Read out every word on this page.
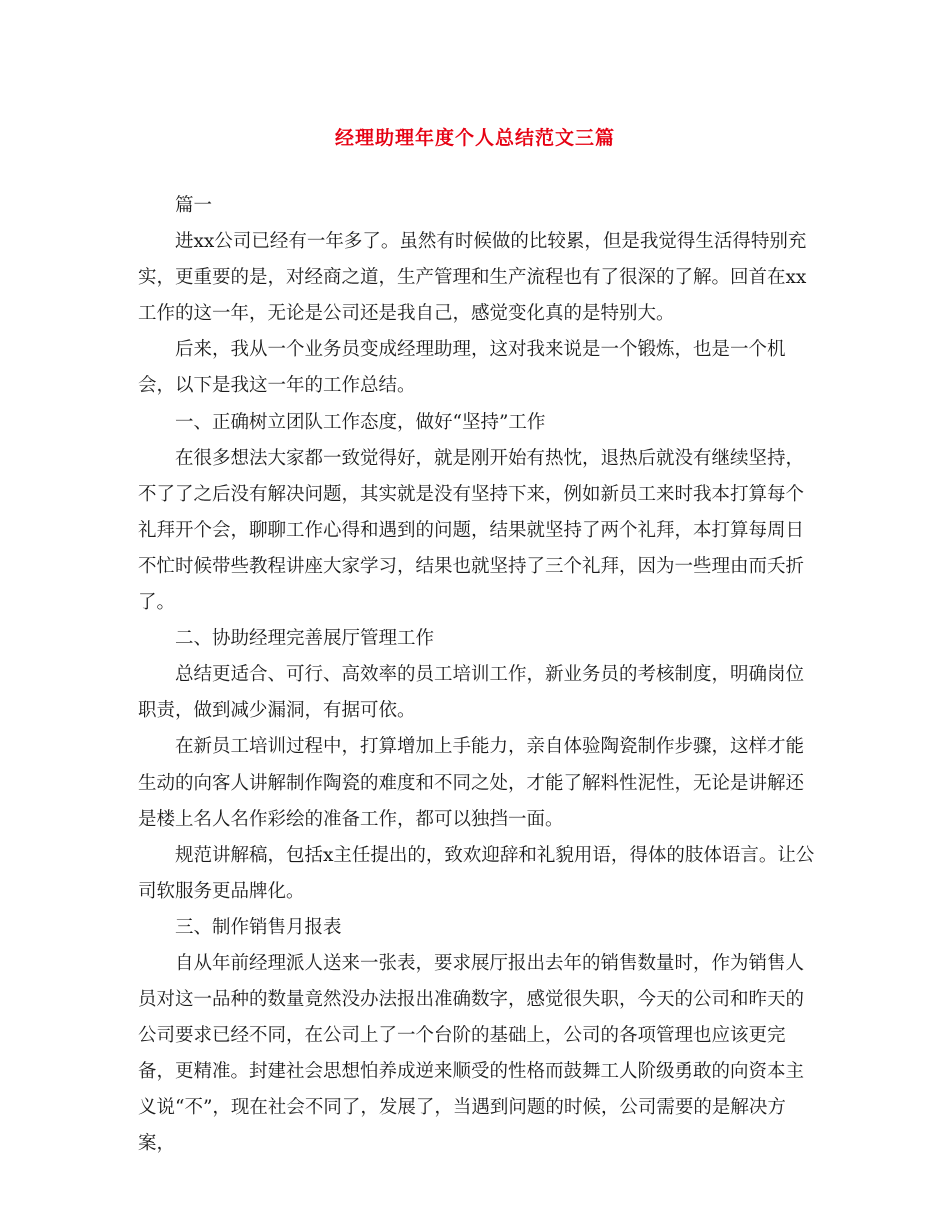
经理助理年度个人总结范文三篇

篇一

进xx公司已经有一年多了。虽然有时候做的比较累，但是我觉得生活得特别充实，更重要的是，对经商之道，生产管理和生产流程也有了很深的了解。回首在xx工作的这一年，无论是公司还是我自己，感觉变化真的是特别大。

后来，我从一个业务员变成经理助理，这对我来说是一个锻炼，也是一个机会，以下是我这一年的工作总结。

一、正确树立团队工作态度，做好“坚持”工作

在很多想法大家都一致觉得好，就是刚开始有热忱，退热后就没有继续坚持，不了了之后没有解决问题，其实就是没有坚持下来，例如新员工来时我本打算每个礼拜开个会，聊聊工作心得和遇到的问题，结果就坚持了两个礼拜，本打算每周日不忙时候带些教程讲座大家学习，结果也就坚持了三个礼拜，因为一些理由而夭折了。

二、协助经理完善展厅管理工作

总结更适合、可行、高效率的员工培训工作，新业务员的考核制度，明确岗位职责，做到减少漏洞，有据可依。

在新员工培训过程中，打算增加上手能力，亲自体验陶瓷制作步骤，这样才能生动的向客人讲解制作陶瓷的难度和不同之处，才能了解料性泥性，无论是讲解还是楼上名人名作彩绘的准备工作，都可以独挡一面。

规范讲解稿，包括x主任提出的，致欢迎辞和礼貌用语，得体的肢体语言。让公司软服务更品牌化。

三、制作销售月报表

自从年前经理派人送来一张表，要求展厅报出去年的销售数量时，作为销售人员对这一品种的数量竟然没办法报出准确数字，感觉很失职，今天的公司和昨天的公司要求已经不同，在公司上了一个台阶的基础上，公司的各项管理也应该更完备，更精准。封建社会思想怕养成逆来顺受的性格而鼓舞工人阶级勇敢的向资本主义说“不”，现在社会不同了，发展了，当遇到问题的时候，公司需要的是解决方案，
